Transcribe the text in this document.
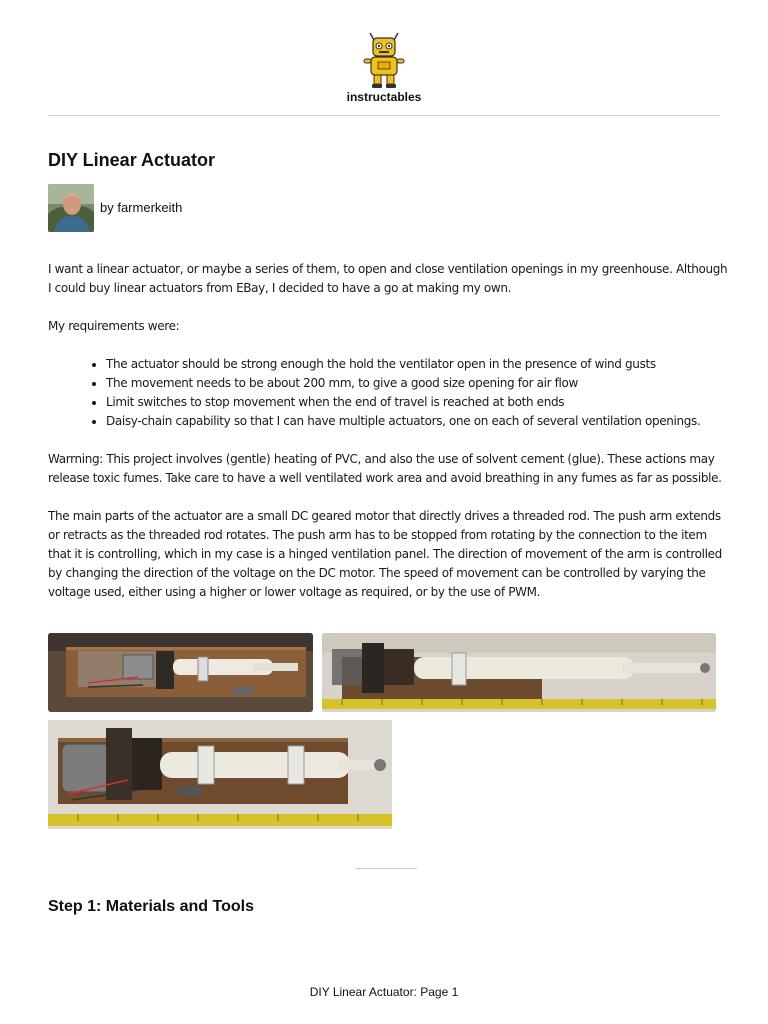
instructables
DIY Linear Actuator
by farmerkeith

I want a linear actuator, or maybe a series of them, to open and close ventilation openings in my greenhouse. Although I could buy linear actuators from EBay, I decided to have a go at making my own.

My requirements were:

• The actuator should be strong enough the hold the ventilator open in the presence of wind gusts
• The movement needs to be about 200 mm, to give a good size opening for air flow
• Limit switches to stop movement when the end of travel is reached at both ends
• Daisy-chain capability so that I can have multiple actuators, one on each of several ventilation openings.

Warrning: This project involves (gentle) heating of PVC, and also the use of solvent cement (glue). These actions may release toxic fumes. Take care to have a well ventilated work area and avoid breathing in any fumes as far as possible.

The main parts of the actuator are a small DC geared motor that directly drives a threaded rod. The push arm extends or retracts as the threaded rod rotates. The push arm has to be stopped from rotating by the connection to the item that it is controlling, which in my case is a hinged ventilation panel. The direction of movement of the arm is controlled by changing the direction of the voltage on the DC motor. The speed of movement can be controlled by varying the voltage used, either using a higher or lower voltage as required, or by the use of PWM.

Step 1: Materials and Tools
DIY Linear Actuator: Page 1
